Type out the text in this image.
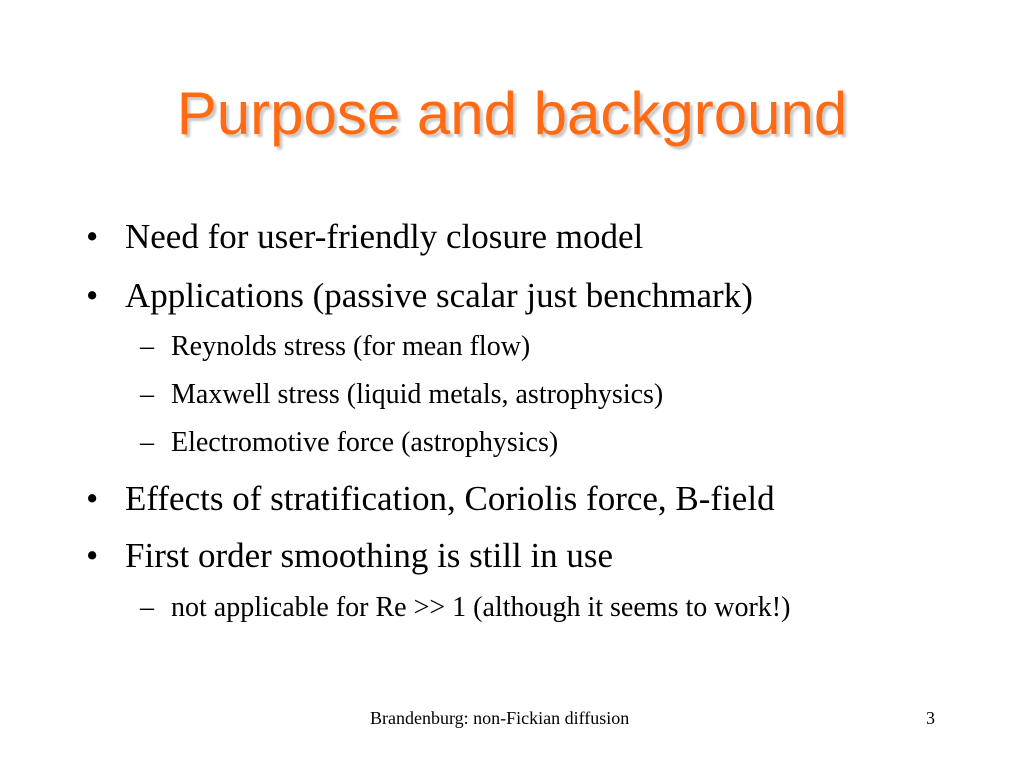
Purpose and background
• Need for user-friendly closure model
• Applications (passive scalar just benchmark)
– Reynolds stress (for mean flow)
– Maxwell stress (liquid metals, astrophysics)
– Electromotive force (astrophysics)
• Effects of stratification, Coriolis force, B-field
• First order smoothing is still in use
– not applicable for Re >> 1 (although it seems to work!)
Brandenburg: non-Fickian diffusion	3
